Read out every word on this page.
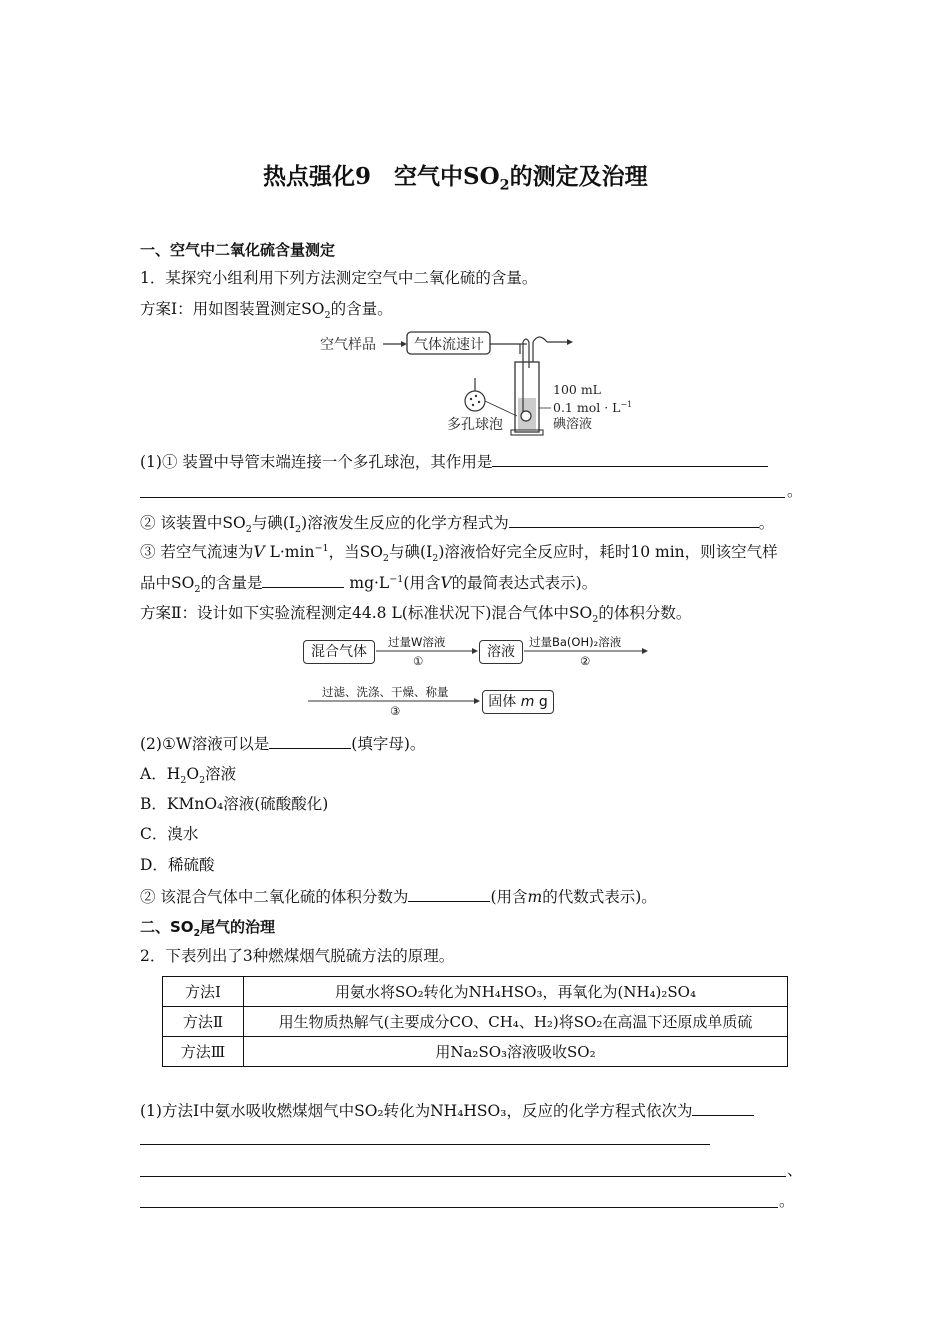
热点强化9　空气中$SO_2$的测定及治理
一、空气中二氧化硫含量测定
1．某探究小组利用下列方法测定空气中二氧化硫的含量。
方案Ⅰ：用如图装置测定$SO_2$的含量。
空气样品	气体流速计
多孔球泡
100 mL
0.1 mol · $L^{-1}$
碘溶液
(1)① 装置中导管末端连接一个多孔球泡，其作用是
。
② 该装置中$SO_2$与碘$(I_2)$溶液发生反应的化学方程式为	。
③ 若空气流速为V $L\cdot\min^{-1}$，当$SO_2$与碘$(I_2)$溶液恰好完全反应时，耗时10 min，则该空气样
品中$SO_2$的含量是	$mg\cdot L^{-1}$(用含V的最简表达式表示)。
方案Ⅱ：设计如下实验流程测定44.8 L(标准状况下)混合气体中$SO_2$的体积分数。
混合气体
过量W溶液
①
溶液
过量Ba(OH)₂溶液
②
过滤、洗涤、干燥、称量
③
固体 m g
(2)①W溶液可以是	(填字母)。
A．$H_2O_2$溶液
B．KMnO₄溶液(硫酸酸化)
C．溴水
D．稀硫酸
② 该混合气体中二氧化硫的体积分数为	(用含m的代数式表示)。
二、$SO_2$尾气的治理
2．下表列出了3种燃煤烟气脱硫方法的原理。
方法Ⅰ	用氨水将SO₂转化为NH₄HSO₃，再氧化为(NH₄)₂SO₄
方法Ⅱ	用生物质热解气(主要成分CO、CH₄、H₂)将SO₂在高温下还原成单质硫
方法Ⅲ	用Na₂SO₃溶液吸收SO₂
(1)方法Ⅰ中氨水吸收燃煤烟气中SO₂转化为NH₄HSO₃，反应的化学方程式依次为
、
。
